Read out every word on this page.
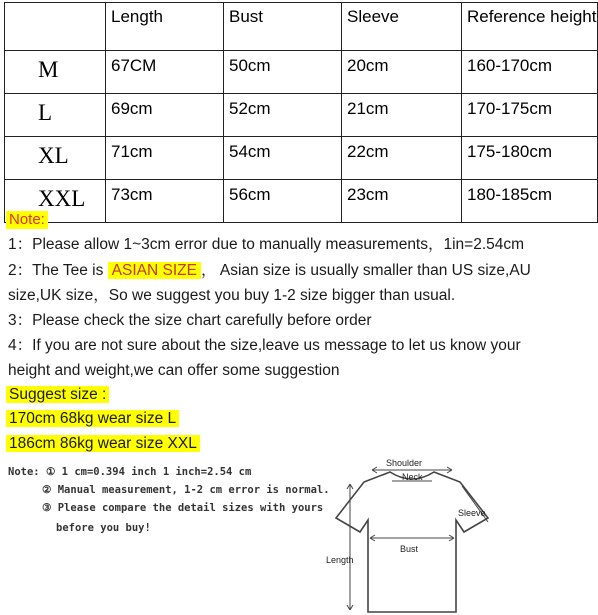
	Length	Bust	Sleeve	Reference height
M	67CM	50cm	20cm	160-170cm
L	69cm	52cm	21cm	170-175cm
XL	71cm	54cm	22cm	175-180cm
XXL	73cm	56cm	23cm	180-185cm
Note:
1：Please allow 1~3cm error due to manually measurements，1in=2.54cm
2：The Tee is ASIAN SIZE ， Asian size is usually smaller than US size,AU
size,UK size，So we suggest you buy 1-2 size bigger than usual.
3：Please check the size chart carefully before order
4：If you are not sure about the size,leave us message to let us know your
height and weight,we can offer some suggestion
Suggest size :
170cm 68kg wear size L
186cm 86kg wear size XXL
Note: ① 1 cm=0.394 inch 1 inch=2.54 cm
② Manual measurement, 1-2 cm error is normal.
③ Please compare the detail sizes with yours
before you buy!
Shoulder
Neck
Sleeve
Bust
Length
